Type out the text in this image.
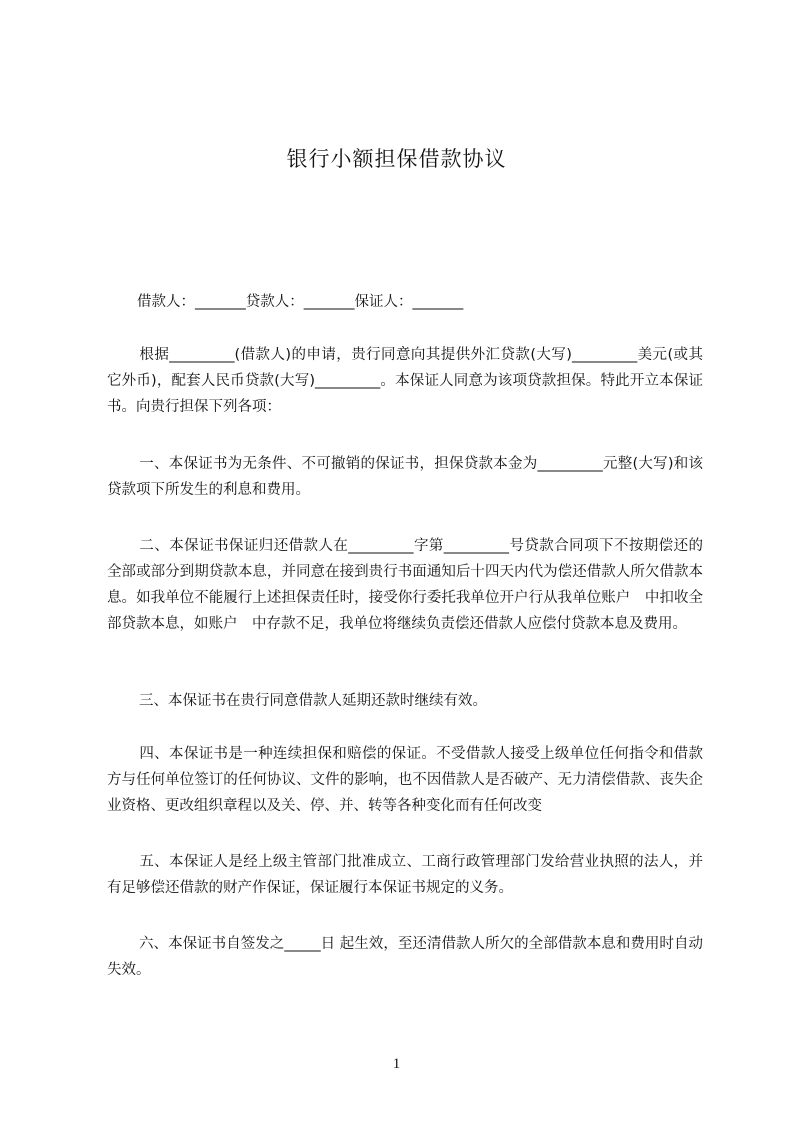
银行小额担保借款协议
借款人：_______贷款人：_______保证人：_______

根据_________(借款人)的申请，贵行同意向其提供外汇贷款(大写)_________美元(或其它外币)，配套人民币贷款(大写)_________。本保证人同意为该项贷款担保。特此开立本保证书。向贵行担保下列各项：

一、本保证书为无条件、不可撤销的保证书，担保贷款本金为_________元整(大写)和该贷款项下所发生的利息和费用。

二、本保证书保证归还借款人在_________字第_________号贷款合同项下不按期偿还的全部或部分到期贷款本息，并同意在接到贵行书面通知后十四天内代为偿还借款人所欠借款本息。如我单位不能履行上述担保责任时，接受你行委托我单位开户行从我单位账户　中扣收全部贷款本息，如账户　中存款不足，我单位将继续负责偿还借款人应偿付贷款本息及费用。

三、本保证书在贵行同意借款人延期还款时继续有效。

四、本保证书是一种连续担保和赔偿的保证。不受借款人接受上级单位任何指令和借款方与任何单位签订的任何协议、文件的影响，也不因借款人是否破产、无力清偿借款、丧失企业资格、更改组织章程以及关、停、并、转等各种变化而有任何改变

五、本保证人是经上级主管部门批准成立、工商行政管理部门发给营业执照的法人，并有足够偿还借款的财产作保证，保证履行本保证书规定的义务。

六、本保证书自签发之_____日 起生效，至还清借款人所欠的全部借款本息和费用时自动失效。

1
